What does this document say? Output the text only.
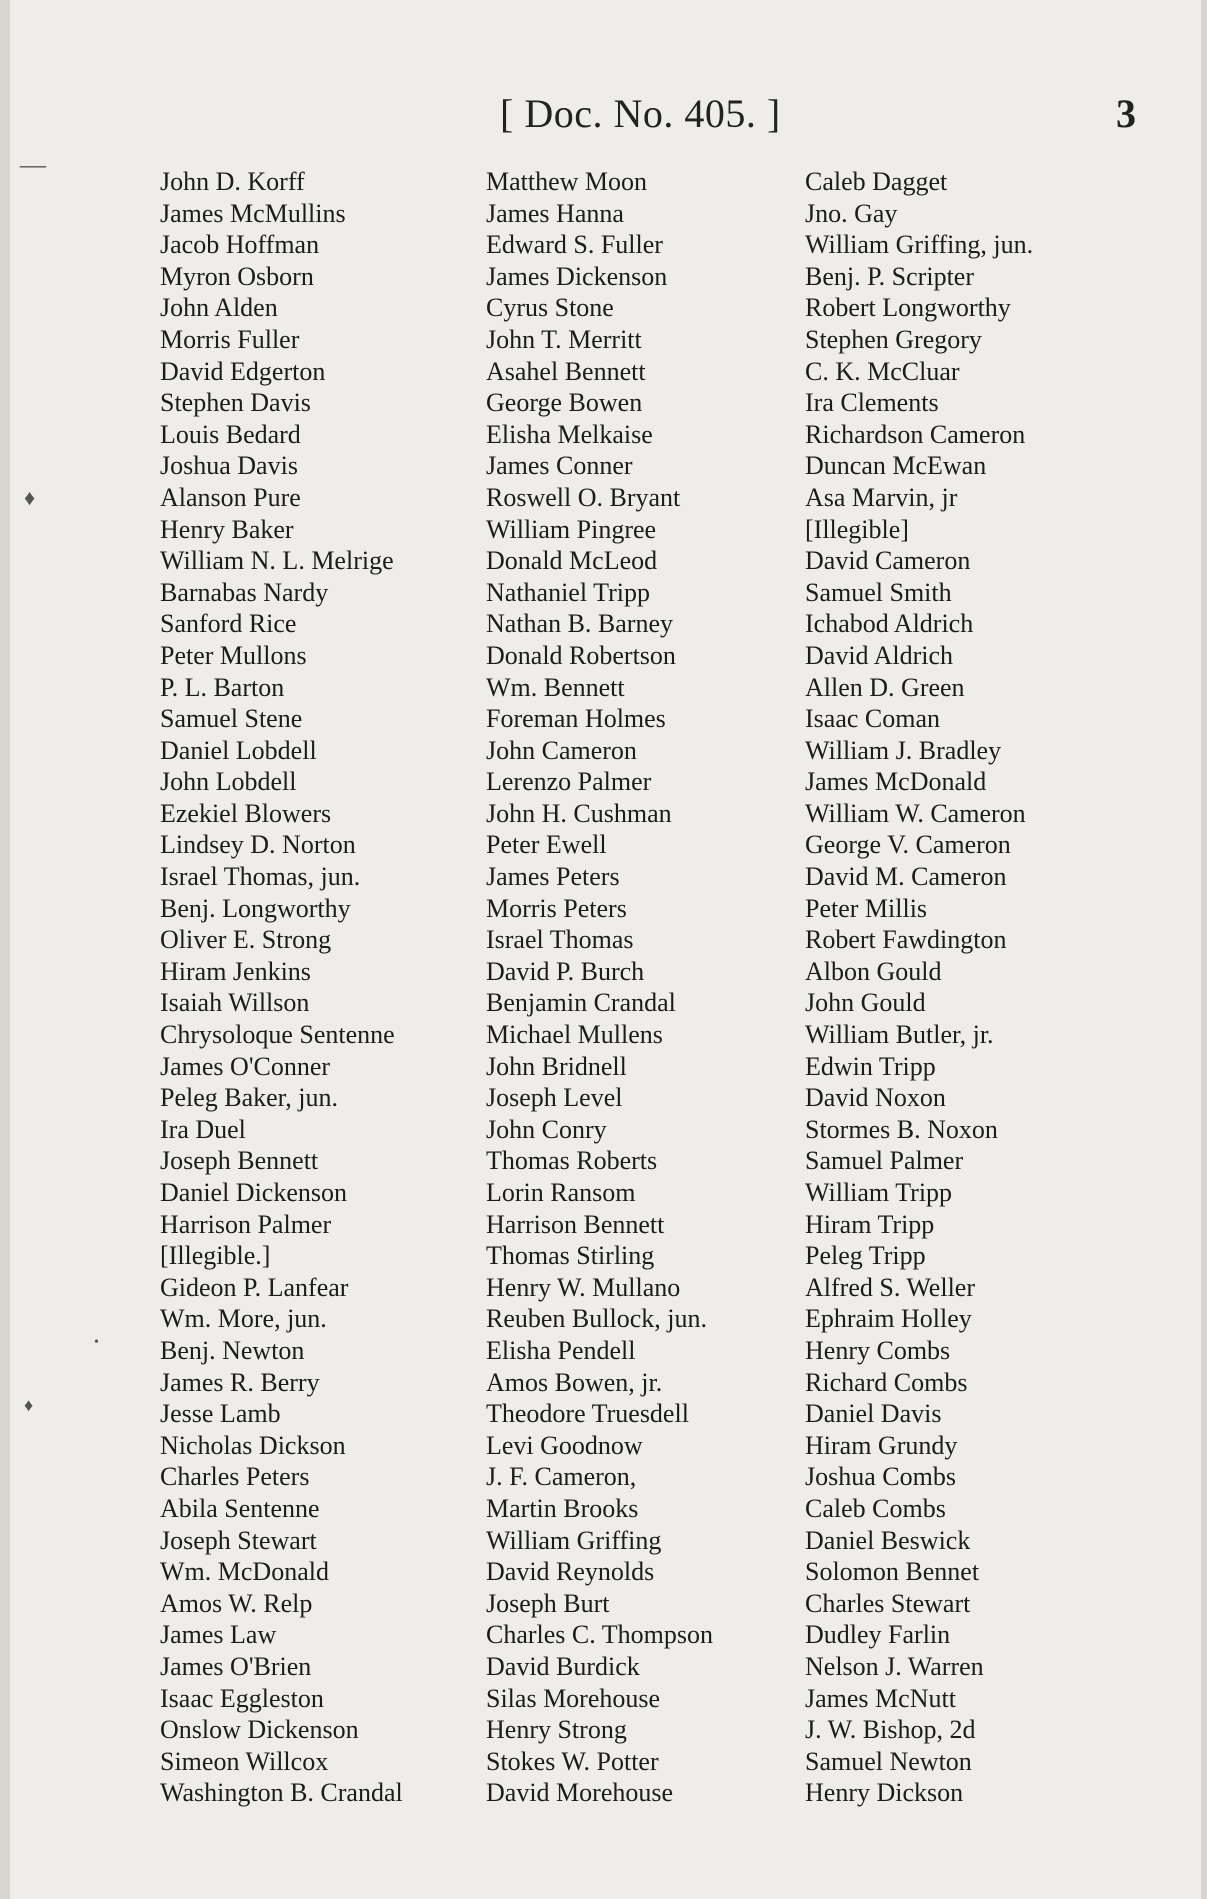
[ Doc. No. 405. ]	3
—
♦
♦
•
John D. Korff
James McMullins
Jacob Hoffman
Myron Osborn
John Alden
Morris Fuller
David Edgerton
Stephen Davis
Louis Bedard
Joshua Davis
Alanson Pure
Henry Baker
William N. L. Melrige
Barnabas Nardy
Sanford Rice
Peter Mullons
P. L. Barton
Samuel Stene
Daniel Lobdell
John Lobdell
Ezekiel Blowers
Lindsey D. Norton
Israel Thomas, jun.
Benj. Longworthy
Oliver E. Strong
Hiram Jenkins
Isaiah Willson
Chrysoloque Sentenne
James O'Conner
Peleg Baker, jun.
Ira Duel
Joseph Bennett
Daniel Dickenson
Harrison Palmer
[Illegible.]
Gideon P. Lanfear
Wm. More, jun.
Benj. Newton
James R. Berry
Jesse Lamb
Nicholas Dickson
Charles Peters
Abila Sentenne
Joseph Stewart
Wm. McDonald
Amos W. Relp
James Law
James O'Brien
Isaac Eggleston
Onslow Dickenson
Simeon Willcox
Washington B. Crandal
Matthew Moon
James Hanna
Edward S. Fuller
James Dickenson
Cyrus Stone
John T. Merritt
Asahel Bennett
George Bowen
Elisha Melkaise
James Conner
Roswell O. Bryant
William Pingree
Donald McLeod
Nathaniel Tripp
Nathan B. Barney
Donald Robertson
Wm. Bennett
Foreman Holmes
John Cameron
Lerenzo Palmer
John H. Cushman
Peter Ewell
James Peters
Morris Peters
Israel Thomas
David P. Burch
Benjamin Crandal
Michael Mullens
John Bridnell
Joseph Level
John Conry
Thomas Roberts
Lorin Ransom
Harrison Bennett
Thomas Stirling
Henry W. Mullano
Reuben Bullock, jun.
Elisha Pendell
Amos Bowen, jr.
Theodore Truesdell
Levi Goodnow
J. F. Cameron,
Martin Brooks
William Griffing
David Reynolds
Joseph Burt
Charles C. Thompson
David Burdick
Silas Morehouse
Henry Strong
Stokes W. Potter
David Morehouse
Caleb Dagget
Jno. Gay
William Griffing, jun.
Benj. P. Scripter
Robert Longworthy
Stephen Gregory
C. K. McCluar
Ira Clements
Richardson Cameron
Duncan McEwan
Asa Marvin, jr
[Illegible]
David Cameron
Samuel Smith
Ichabod Aldrich
David Aldrich
Allen D. Green
Isaac Coman
William J. Bradley
James McDonald
William W. Cameron
George V. Cameron
David M. Cameron
Peter Millis
Robert Fawdington
Albon Gould
John Gould
William Butler, jr.
Edwin Tripp
David Noxon
Stormes B. Noxon
Samuel Palmer
William Tripp
Hiram Tripp
Peleg Tripp
Alfred S. Weller
Ephraim Holley
Henry Combs
Richard Combs
Daniel Davis
Hiram Grundy
Joshua Combs
Caleb Combs
Daniel Beswick
Solomon Bennet
Charles Stewart
Dudley Farlin
Nelson J. Warren
James McNutt
J. W. Bishop, 2d
Samuel Newton
Henry Dickson
